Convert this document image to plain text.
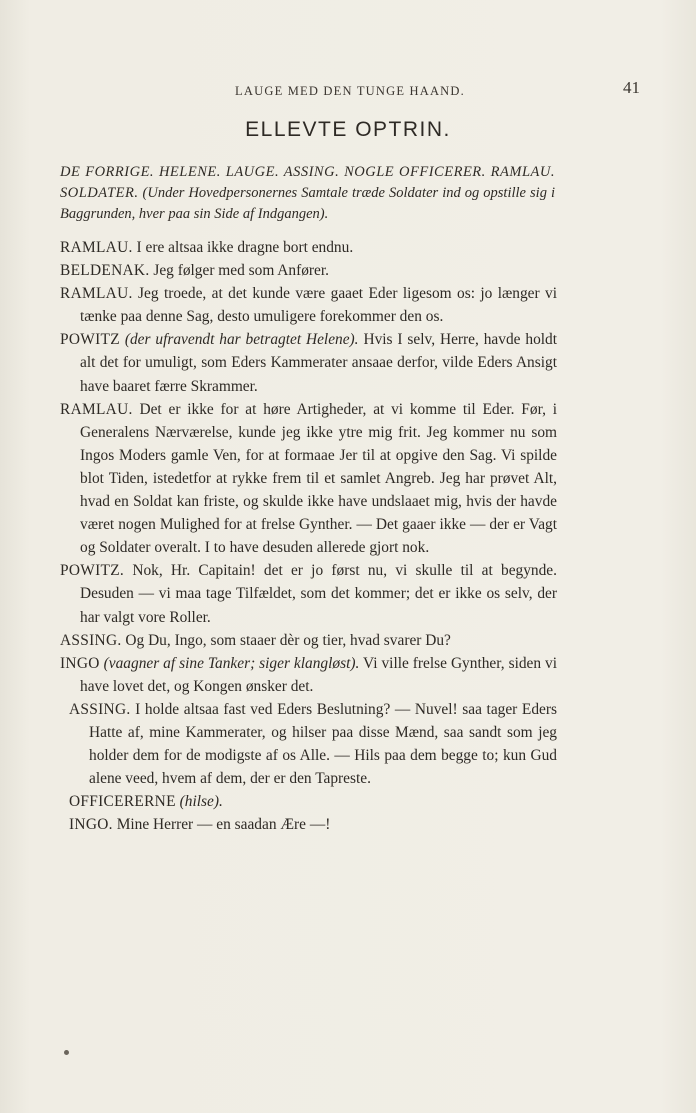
LAUGE MED DEN TUNGE HAAND.	41
ELLEVTE OPTRIN.
DE FORRIGE. HELENE. LAUGE. ASSING. NOGLE OFFICERER. RAMLAU. SOLDATER. (Under Hovedpersonernes Samtale træde Soldater ind og opstille sig i Baggrunden, hver paa sin Side af Indgangen).

RAMLAU. I ere altsaa ikke dragne bort endnu.

BELDENAK. Jeg følger med som Anfører.

RAMLAU. Jeg troede, at det kunde være gaaet Eder ligesom os: jo længer vi tænke paa denne Sag, desto umuligere forekommer den os.

POWITZ (der ufravendt har betragtet Helene). Hvis I selv, Herre, havde holdt alt det for umuligt, som Eders Kammerater ansaae derfor, vilde Eders Ansigt have baaret færre Skrammer.

RAMLAU. Det er ikke for at høre Artigheder, at vi komme til Eder. Før, i Generalens Nærværelse, kunde jeg ikke ytre mig frit. Jeg kommer nu som Ingos Moders gamle Ven, for at formaae Jer til at opgive den Sag. Vi spilde blot Tiden, istedetfor at rykke frem til et samlet Angreb. Jeg har prøvet Alt, hvad en Soldat kan friste, og skulde ikke have undslaaet mig, hvis der havde været nogen Mulighed for at frelse Gynther. — Det gaaer ikke — der er Vagt og Soldater overalt. I to have desuden allerede gjort nok.

POWITZ. Nok, Hr. Capitain! det er jo først nu, vi skulle til at begynde. Desuden — vi maa tage Tilfældet, som det kommer; det er ikke os selv, der har valgt vore Roller.

ASSING. Og Du, Ingo, som staaer dèr og tier, hvad svarer Du?

INGO (vaagner af sine Tanker; siger klangløst). Vi ville frelse Gynther, siden vi have lovet det, og Kongen ønsker det.

ASSING. I holde altsaa fast ved Eders Beslutning? — Nuvel! saa tager Eders Hatte af, mine Kammerater, og hilser paa disse Mænd, saa sandt som jeg holder dem for de modigste af os Alle. — Hils paa dem begge to; kun Gud alene veed, hvem af dem, der er den Tapreste.

OFFICERERNE (hilse).

INGO. Mine Herrer — en saadan Ære —!
